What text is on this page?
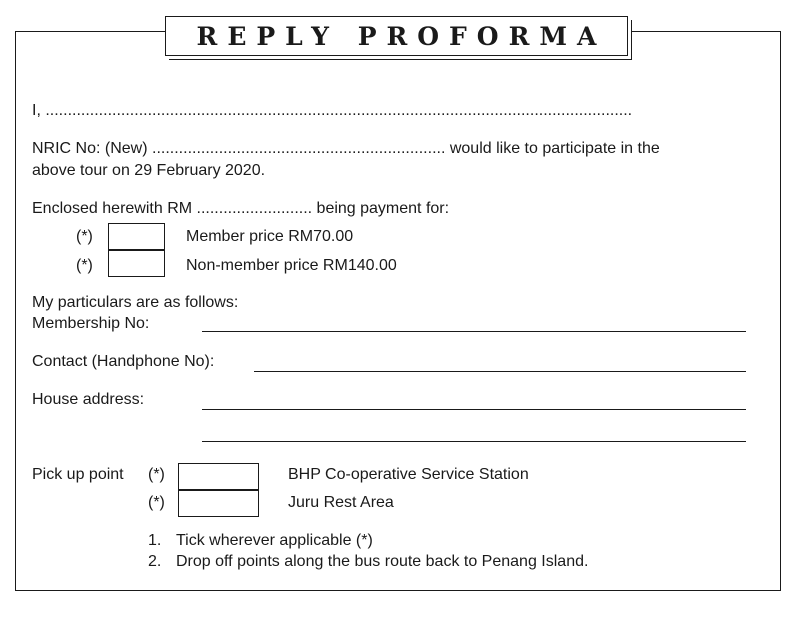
REPLY PROFORMA
I, ....................................................................................................................................
NRIC No: (New) .................................................................. would like to participate in the
above tour on 29 February 2020.
Enclosed herewith RM .......................... being payment for:
(*)	Member price RM70.00
(*)	Non-member price RM140.00
My particulars are as follows:
Membership No:
Contact (Handphone No):
House address:
Pick up point (*)	BHP Co-operative Service Station
(*)	Juru Rest Area
1. Tick wherever applicable (*)
2. Drop off points along the bus route back to Penang Island.
